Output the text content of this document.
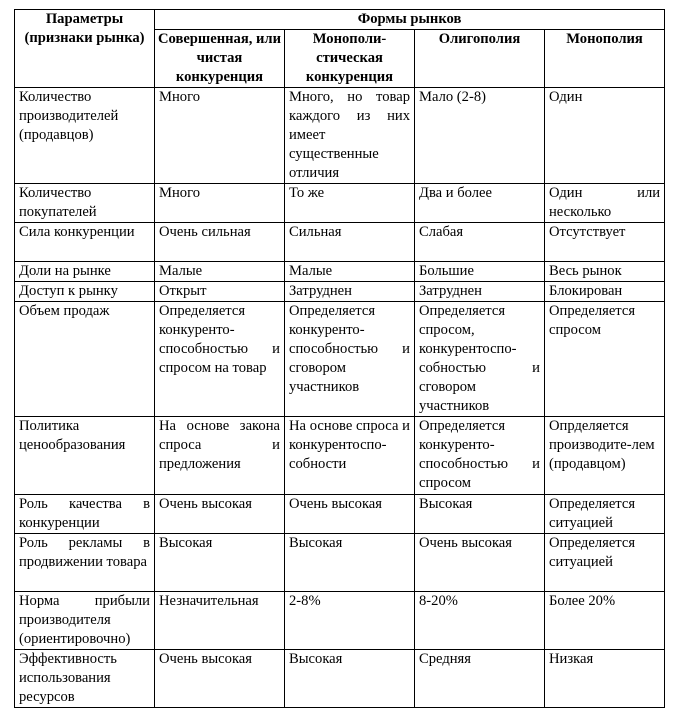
Параметры (признаки рынка)	Формы рынков			
	Совершенная, или чистая конкуренция	Монополи-стическая конкуренция	Олигополия	Монополия
Количество производителей (продавцов)	Много	Много, но товар каждого из них имеет существенные отличия	Мало (2-8)	Один
Количество покупателей	Много	То же	Два и более	Один или несколько
Сила конкуренции	Очень сильная	Сильная	Слабая	Отсутствует
Доли на рынке	Малые	Малые	Большие	Весь рынок
Доступ к рынку	Открыт	Затруднен	Затруднен	Блокирован
Объем продаж	Определяется конкуренто-способностью и спросом на товар	Определяется конкуренто-способностью и сговором участников	Определяется спросом, конкурентоспо-собностью и сговором участников	Определяется спросом
Политика ценообразования	На основе закона спроса и предложения	На основе спроса и конкурентоспо-собности	Определяется конкуренто-способностью и спросом	Опрделяется производите-лем (продавцом)
Роль качества в конкуренции	Очень высокая	Очень высокая	Высокая	Определяется ситуацией
Роль рекламы в продвижении товара	Высокая	Высокая	Очень высокая	Определяется ситуацией
Норма прибыли производителя (ориентировочно)	Незначительная	2-8%	8-20%	Более 20%
Эффективность использования ресурсов	Очень высокая	Высокая	Средняя	Низкая
